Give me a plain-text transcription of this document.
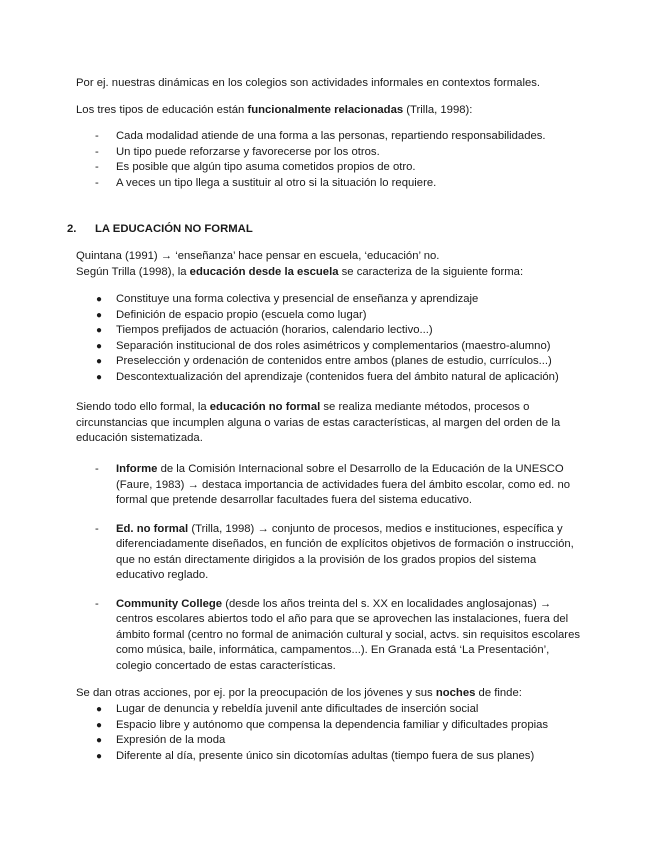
Por ej. nuestras dinámicas en los colegios son actividades informales en contextos formales.

Los tres tipos de educación están funcionalmente relacionadas (Trilla, 1998):

- Cada modalidad atiende de una forma a las personas, repartiendo responsabilidades.
- Un tipo puede reforzarse y favorecerse por los otros.
- Es posible que algún tipo asuma cometidos propios de otro.
- A veces un tipo llega a sustituir al otro si la situación lo requiere.
2. LA EDUCACIÓN NO FORMAL

Quintana (1991) → ‘enseñanza’ hace pensar en escuela, ‘educación’ no.

Según Trilla (1998), la educación desde la escuela se caracteriza de la siguiente forma:

● Constituye una forma colectiva y presencial de enseñanza y aprendizaje
● Definición de espacio propio (escuela como lugar)
● Tiempos prefijados de actuación (horarios, calendario lectivo...)
● Separación institucional de dos roles asimétricos y complementarios (maestro-alumno)
● Preselección y ordenación de contenidos entre ambos (planes de estudio, currículos...)
● Descontextualización del aprendizaje (contenidos fuera del ámbito natural de aplicación)

Siendo todo ello formal, la educación no formal se realiza mediante métodos, procesos o circunstancias que incumplen alguna o varias de estas características, al margen del orden de la educación sistematizada.

- Informe de la Comisión Internacional sobre el Desarrollo de la Educación de la UNESCO (Faure, 1983) → destaca importancia de actividades fuera del ámbito escolar, como ed. no formal que pretende desarrollar facultades fuera del sistema educativo.
- Ed. no formal (Trilla, 1998) → conjunto de procesos, medios e instituciones, específica y diferenciadamente diseñados, en función de explícitos objetivos de formación o instrucción, que no están directamente dirigidos a la provisión de los grados propios del sistema educativo reglado.
- Community College (desde los años treinta del s. XX en localidades anglosajonas) → centros escolares abiertos todo el año para que se aprovechen las instalaciones, fuera del ámbito formal (centro no formal de animación cultural y social, actvs. sin requisitos escolares como música, baile, informática, campamentos...). En Granada está ‘La Presentación’, colegio concertado de estas características.

Se dan otras acciones, por ej. por la preocupación de los jóvenes y sus noches de finde:

● Lugar de denuncia y rebeldía juvenil ante dificultades de inserción social
● Espacio libre y autónomo que compensa la dependencia familiar y dificultades propias
● Expresión de la moda
● Diferente al día, presente único sin dicotomías adultas (tiempo fuera de sus planes)
